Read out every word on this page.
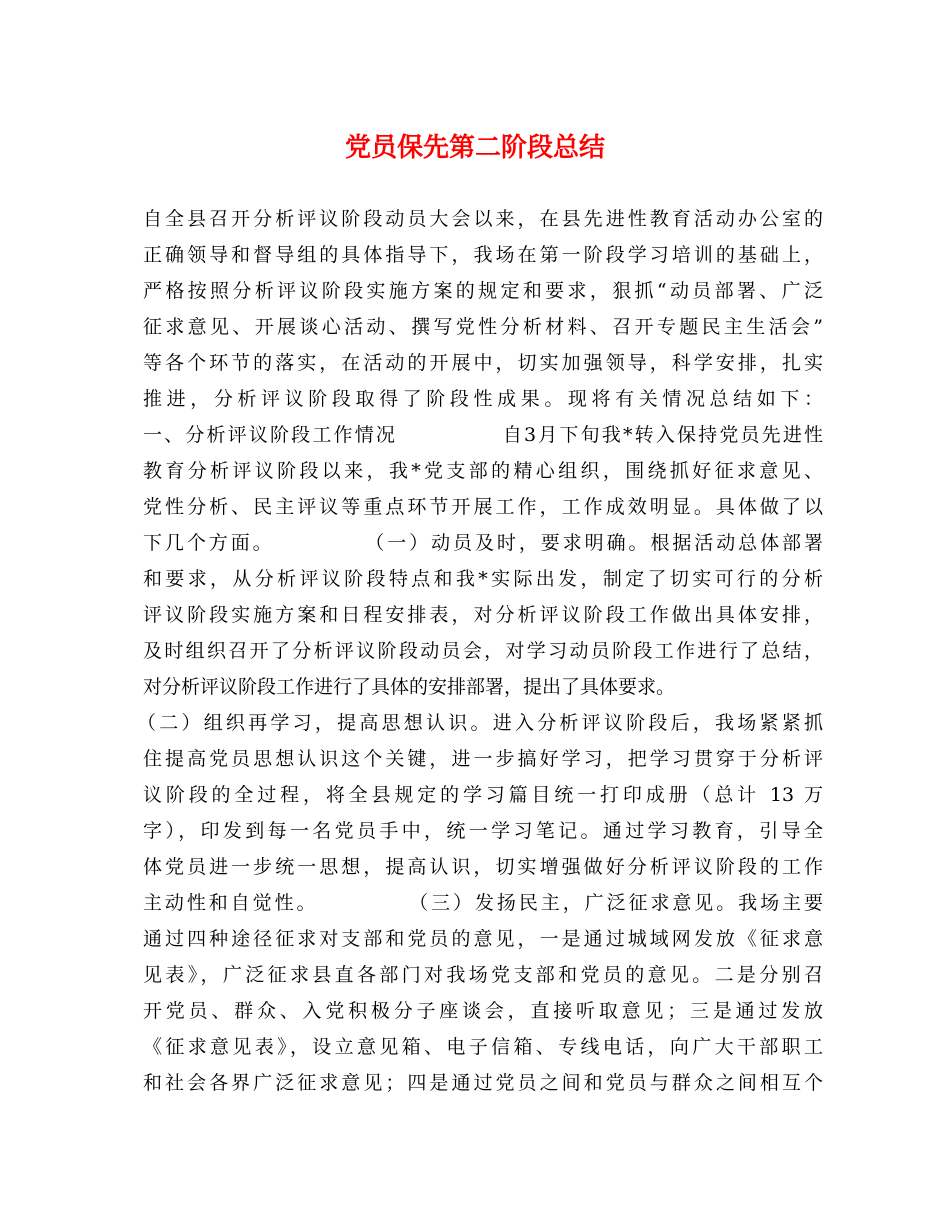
党员保先第二阶段总结
自全县召开分析评议阶段动员大会以来，在县先进性教育活动办公室的
正确领导和督导组的具体指导下，我场在第一阶段学习培训的基础上，
严格按照分析评议阶段实施方案的规定和要求，狠抓“动员部署、广泛
征求意见、开展谈心活动、撰写党性分析材料、召开专题民主生活会”
等各个环节的落实，在活动的开展中，切实加强领导，科学安排，扎实
推进，分析评议阶段取得了阶段性成果。现将有关情况总结如下：
一、分析评议阶段工作情况　　　　　自3月下旬我*转入保持党员先进性
教育分析评议阶段以来，我*党支部的精心组织，围绕抓好征求意见、
党性分析、民主评议等重点环节开展工作，工作成效明显。具体做了以
下几个方面。　　　　　（一）动员及时，要求明确。根据活动总体部署
和要求，从分析评议阶段特点和我*实际出发，制定了切实可行的分析
评议阶段实施方案和日程安排表，对分析评议阶段工作做出具体安排，
及时组织召开了分析评议阶段动员会，对学习动员阶段工作进行了总结，
对分析评议阶段工作进行了具体的安排部署，提出了具体要求。
（二）组织再学习，提高思想认识。进入分析评议阶段后，我场紧紧抓
住提高党员思想认识这个关键，进一步搞好学习，把学习贯穿于分析评
议阶段的全过程，将全县规定的学习篇目统一打印成册（总计 13 万
字），印发到每一名党员手中，统一学习笔记。通过学习教育，引导全
体党员进一步统一思想，提高认识，切实增强做好分析评议阶段的工作
主动性和自觉性。　　　　　（三）发扬民主，广泛征求意见。我场主要
通过四种途径征求对支部和党员的意见，一是通过城域网发放《征求意
见表》，广泛征求县直各部门对我场党支部和党员的意见。二是分别召
开党员、群众、入党积极分子座谈会，直接听取意见；三是通过发放
《征求意见表》，设立意见箱、电子信箱、专线电话，向广大干部职工
和社会各界广泛征求意见；四是通过党员之间和党员与群众之间相互个
